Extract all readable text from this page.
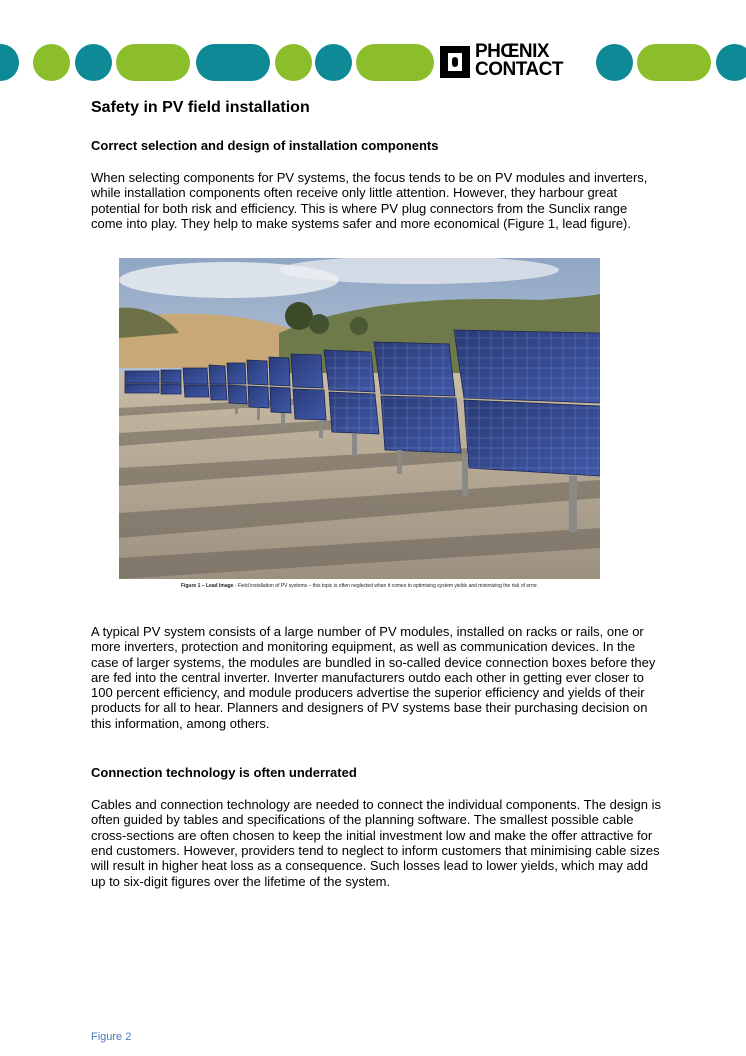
PHŒNIX
CONTACT
Safety in PV field installation
Correct selection and design of installation components

When selecting components for PV systems, the focus tends to be on PV modules and inverters, while installation components often receive only little attention. However, they harbour great potential for both risk and efficiency. This is where PV plug connectors from the Sunclix range come into play. They help to make systems safer and more economical (Figure 1, lead figure).

Figure 1 – Lead Image - Field installation of PV systems – this topic is often neglected when it comes to optimising system yields and minimizing the risk of error.

A typical PV system consists of a large number of PV modules, installed on racks or rails, one or more inverters, protection and monitoring equipment, as well as communication devices. In the case of larger systems, the modules are bundled in so-called device connection boxes before they are fed into the central inverter. Inverter manufacturers outdo each other in getting ever closer to 100 percent efficiency, and module producers advertise the superior efficiency and yields of their products for all to hear. Planners and designers of PV systems base their purchasing decision on this information, among others.

Connection technology is often underrated

Cables and connection technology are needed to connect the individual components. The design is often guided by tables and specifications of the planning software. The smallest possible cable cross-sections are often chosen to keep the initial investment low and make the offer attractive for end customers. However, providers tend to neglect to inform customers that minimising cable sizes will result in higher heat loss as a consequence. Such losses lead to lower yields, which may add up to six-digit figures over the lifetime of the system.

Figure 2
